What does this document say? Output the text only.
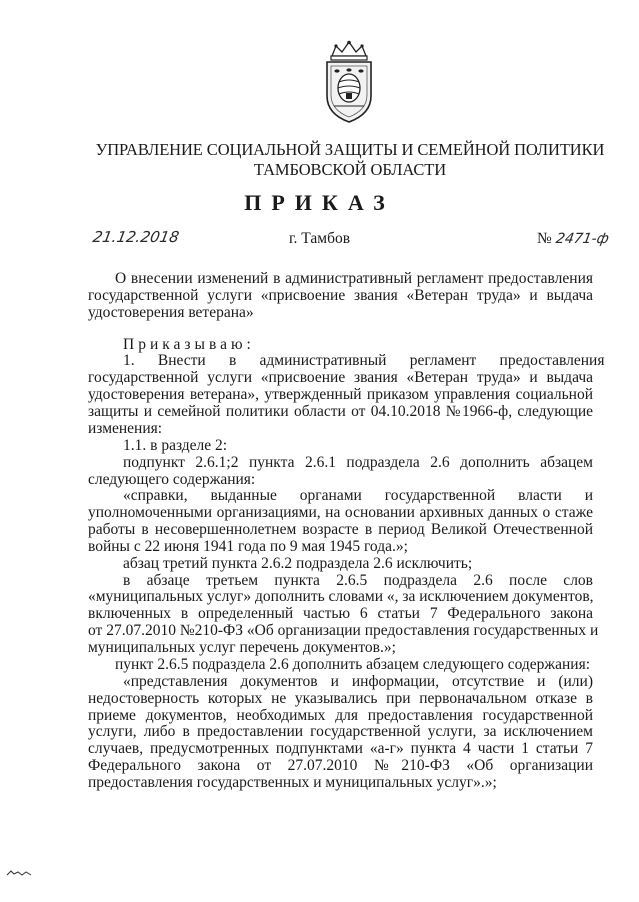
УПРАВЛЕНИЕ СОЦИАЛЬНОЙ ЗАЩИТЫ И СЕМЕЙНОЙ ПОЛИТИКИ
ТАМБОВСКОЙ ОБЛАСТИ
ПРИКАЗ
21.12.2018	г. Тамбов	№ 2471-ф
О внесении изменений в административный регламент предоставления
государственной услуги «присвоение звания «Ветеран труда» и выдача
удостоверения ветерана»
Приказываю:
1.      Внести      в      административный      регламент      предоставления
государственной услуги «присвоение звания «Ветеран труда» и выдача
удостоверения ветерана», утвержденный приказом управления социальной
защиты и семейной политики области от 04.10.2018 №1966-ф, следующие
изменения:
1.1. в разделе 2:
подпункт 2.6.1;2 пункта 2.6.1 подраздела 2.6 дополнить абзацем
следующего содержания:
«справки, выданные органами государственной власти и
уполномоченными организациями, на основании архивных данных о стаже
работы в несовершеннолетнем возрасте в период Великой Отечественной
войны с 22 июня 1941 года по 9 мая 1945 года.»;
абзац третий пункта 2.6.2 подраздела 2.6 исключить;
в абзаце третьем пункта 2.6.5 подраздела 2.6 после слов
«муниципальных услуг» дополнить словами «, за исключением документов,
включенных в определенный частью 6 статьи 7 Федерального закона
от 27.07.2010 №210-ФЗ «Об организации предоставления государственных и
муниципальных услуг перечень документов.»;
пункт 2.6.5 подраздела 2.6 дополнить абзацем следующего содержания:
«представления документов и информации, отсутствие и (или)
недостоверность которых не указывались при первоначальном отказе в
приеме документов, необходимых для предоставления государственной
услуги, либо в предоставлении государственной услуги, за исключением
случаев, предусмотренных подпунктами «а-г» пункта 4 части 1 статьи 7
Федерального закона от 27.07.2010 №210-ФЗ «Об организации
предоставления государственных и муниципальных услуг».»;
